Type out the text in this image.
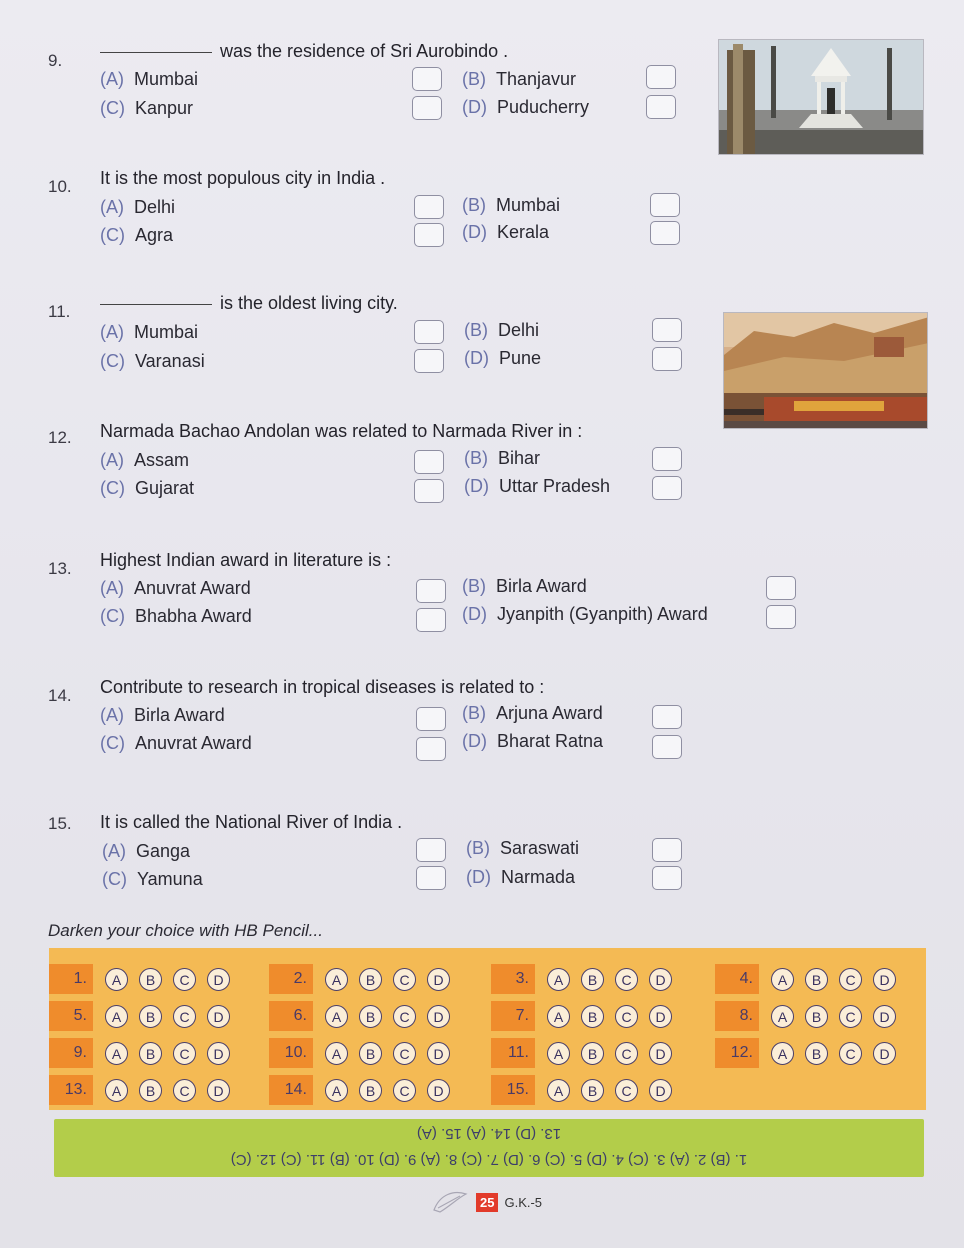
9.	was the residence of Sri Aurobindo .
(A) Mumbai	(B) Thanjavur
(C) Kanpur	(D) Puducherry
10. It is the most populous city in India .
(A) Delhi	(B) Mumbai
(C) Agra	(D) Kerala
11.	is the oldest living city.
(A) Mumbai	(B) Delhi
(C) Varanasi	(D) Pune
12. Narmada Bachao Andolan was related to Narmada River in :
(A) Assam	(B) Bihar
(C) Gujarat	(D) Uttar Pradesh
13. Highest Indian award in literature is :
(A) Anuvrat Award	(B) Birla Award
(C) Bhabha Award	(D) Jyanpith (Gyanpith) Award
14. Contribute to research in tropical diseases is related to :
(A) Birla Award	(B) Arjuna Award
(C) Anuvrat Award	(D) Bharat Ratna
15. It is called the National River of India .
(A) Ganga	(B) Saraswati
(C) Yamuna	(D) Narmada
Darken your choice with HB Pencil...
1.	A	B	C	D	2.	A	B	C	D	3.	A	B	C	D	4.	A	B	C	D
5.	A	B	C	D	6.	A	B	C	D	7.	A	B	C	D	8.	A	B	C	D
9.	A	B	C	D	10.	A	B	C	D	11.	A	B	C	D	12.	A	B	C	D
13.	A	B	C	D	14.	A	B	C	D	15.	A	B	C	D
13. (D) 14. (A) 15. (A)
1. (B) 2. (A) 3. (C) 4. (D) 5. (C) 6. (D) 7. (C) 8. (A) 9. (D) 10. (B) 11. (C) 12. (C)
25 G.K.-5
